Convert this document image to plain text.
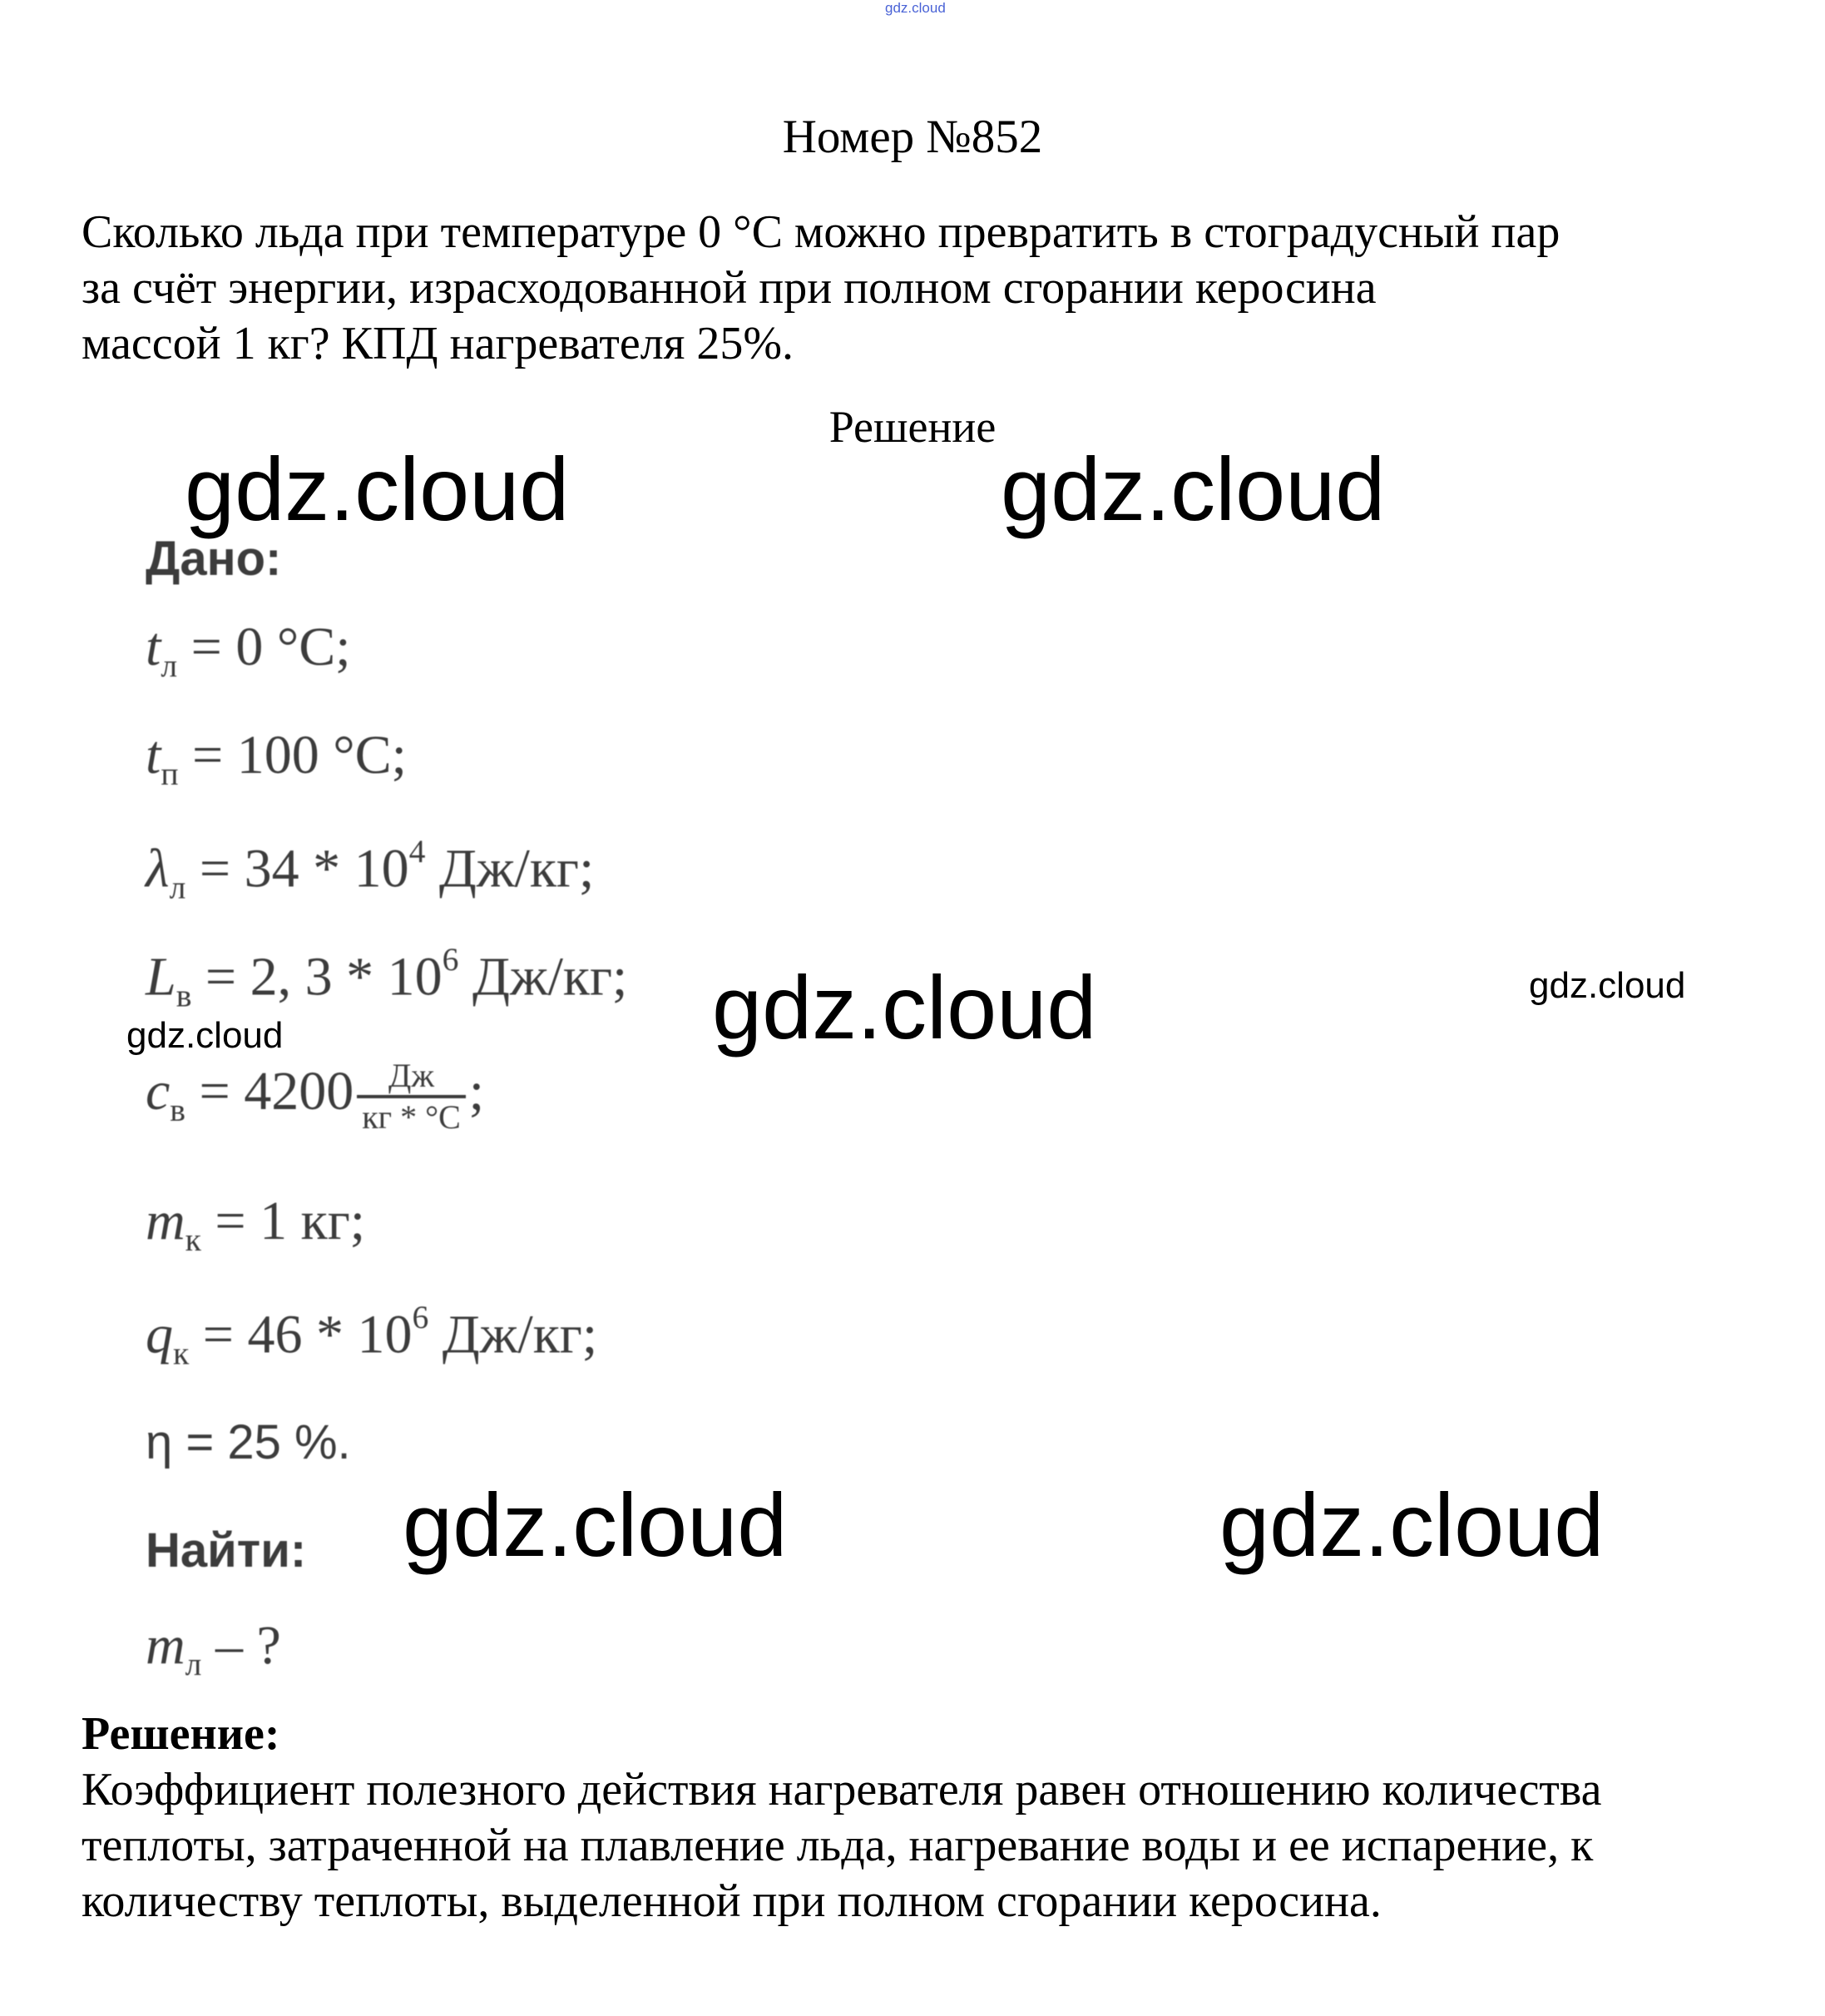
gdz.cloud
Номер №852
Сколько льда при температуре 0 °С можно превратить в стоградусный пар
за счёт энергии, израсходованной при полном сгорании керосина
массой 1 кг? КПД нагревателя 25%.
Решение
Дано:
$t_л = 0$ °С;
$t_п = 100$ °С;
$\lambda_л = 34 * 10^4$ Дж/кг;
$L_в = 2$, $3 * 10^6$ Дж/кг;
$c_в = 4200 \frac{Дж}{кг * ^\circ С}$ ;
$m_к = 1$ кг;
$q_к = 46 * 10^6$ Дж/кг;
η = 25 %.
Найти:
$m_л$ – ?
Решение:
Коэффициент полезного действия нагревателя равен отношению количества
теплоты, затраченной на плавление льда, нагревание воды и ее испарение, к
количеству теплоты, выделенной при полном сгорании керосина.
gdz.cloud	gdz.cloud
gdz.cloud
gdz.cloud	gdz.cloud
gdz.cloud
gdz.cloud
